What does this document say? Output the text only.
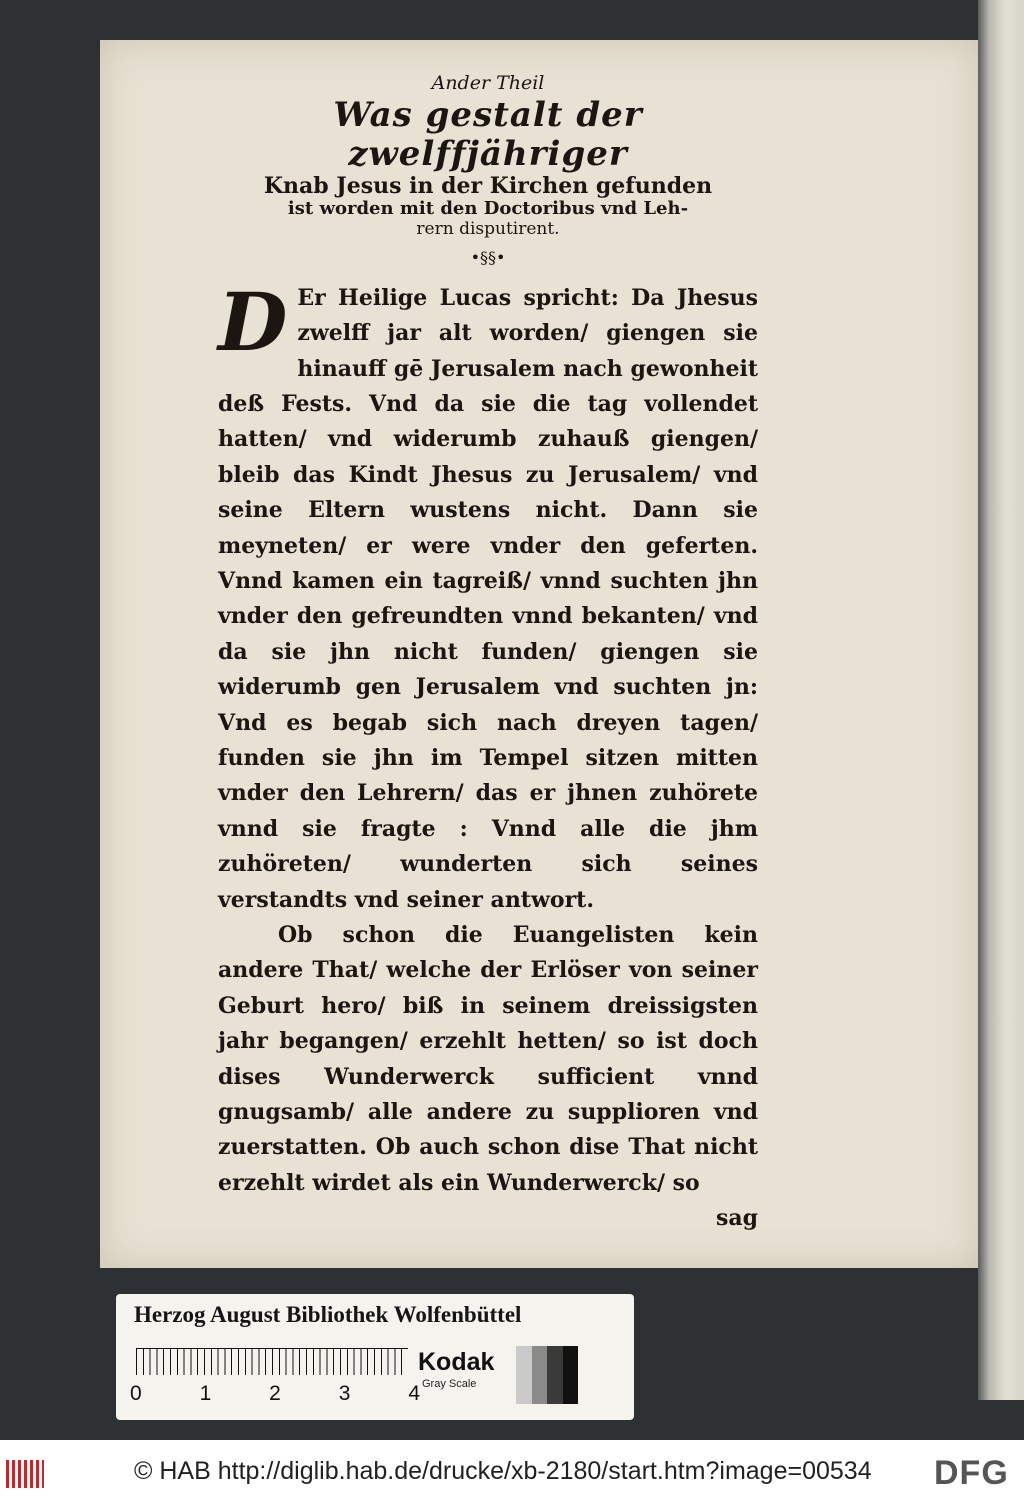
Ander Theil
Was gestalt der zwelffjähriger
Knab Jesus in der Kirchen gefunden
ist worden mit den Doctoribus vnd Leh-
rern disputirent.
•§§•

D Er Heilige Lucas spricht: Da Jhesus zwelff jar alt worden/ giengen sie hinauff gē Jerusalem nach gewonheit deß Fests. Vnd da sie die tag vollendet hatten/ vnd widerumb zuhauß giengen/ bleib das Kindt Jhesus zu Jerusalem/ vnd seine Eltern wustens nicht. Dann sie meyneten/ er were vnder den geferten. Vnnd kamen ein tagreiß/ vnnd suchten jhn vnder den gefreundten vnnd bekanten/ vnd da sie jhn nicht funden/ giengen sie widerumb gen Jerusalem vnd suchten jn: Vnd es begab sich nach dreyen tagen/ funden sie jhn im Tempel sitzen mitten vnder den Lehrern/ das er jhnen zuhörete vnnd sie fragte : Vnnd alle die jhm zuhöreten/ wunderten sich seines verstandts vnd seiner antwort.

Ob schon die Euangelisten kein andere That/ welche der Erlöser von seiner Geburt hero/ biß in seinem dreissigsten jahr begangen/ erzehlt hetten/ so ist doch dises Wunderwerck sufficient vnnd gnugsamb/ alle andere zu supplioren vnd zuerstatten. Ob auch schon dise That nicht erzehlt wirdet als ein Wunderwerck/ so

sag
Herzog August Bibliothek Wolfenbüttel
0	1	2	3	4
Kodak
Gray Scale
© HAB http://diglib.hab.de/drucke/xb-2180/start.htm?image=00534 DFG
